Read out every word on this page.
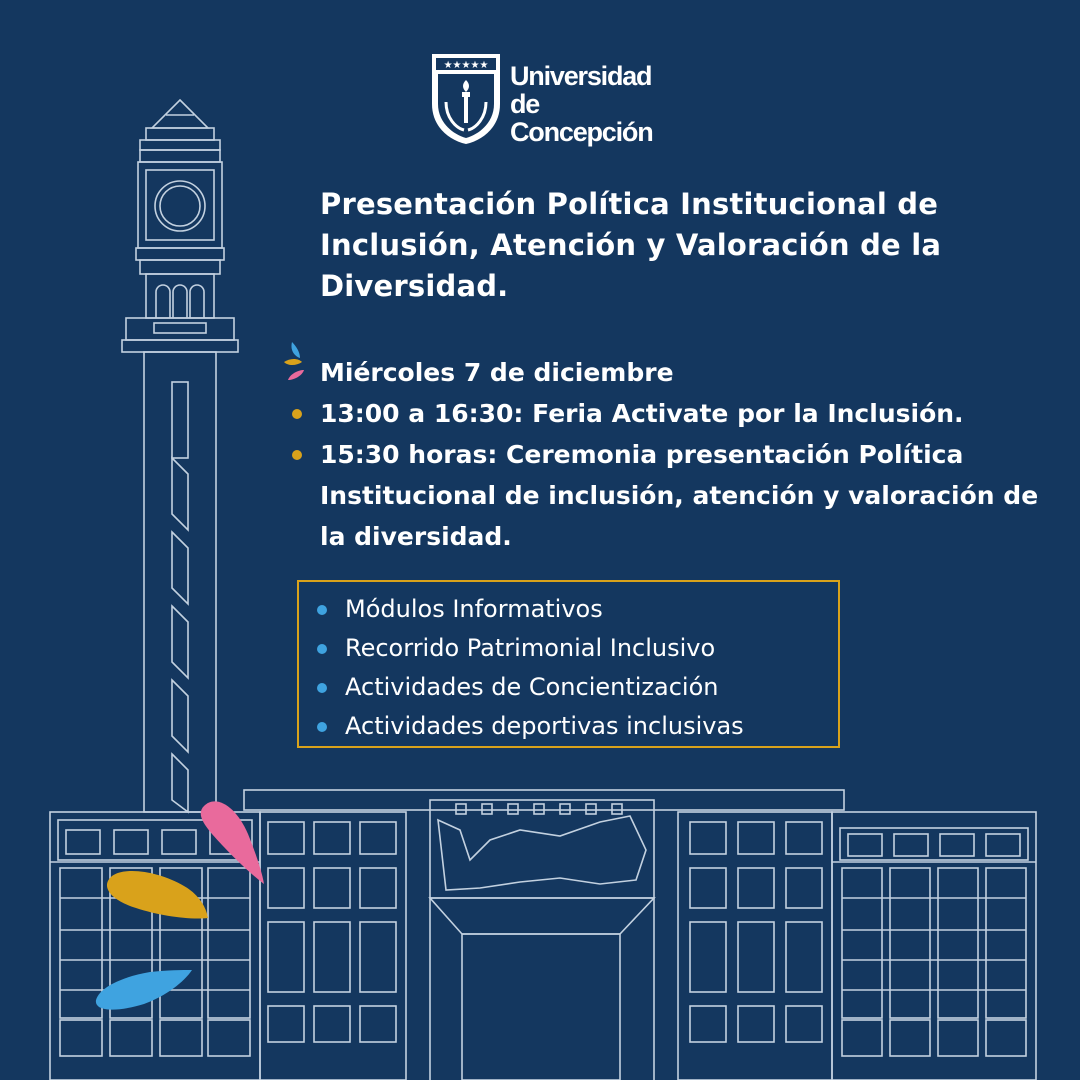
★★★★★ Universidad
de Concepción
Presentación Política Institucional de Inclusión, Atención y Valoración de la Diversidad.
Miércoles 7 de diciembre
13:00 a 16:30: Feria Activate por la Inclusión.
15:30 horas: Ceremonia presentación Política Institucional de inclusión, atención y valoración de la diversidad.
Módulos Informativos
Recorrido Patrimonial Inclusivo
Actividades de Concientización
Actividades deportivas inclusivas
